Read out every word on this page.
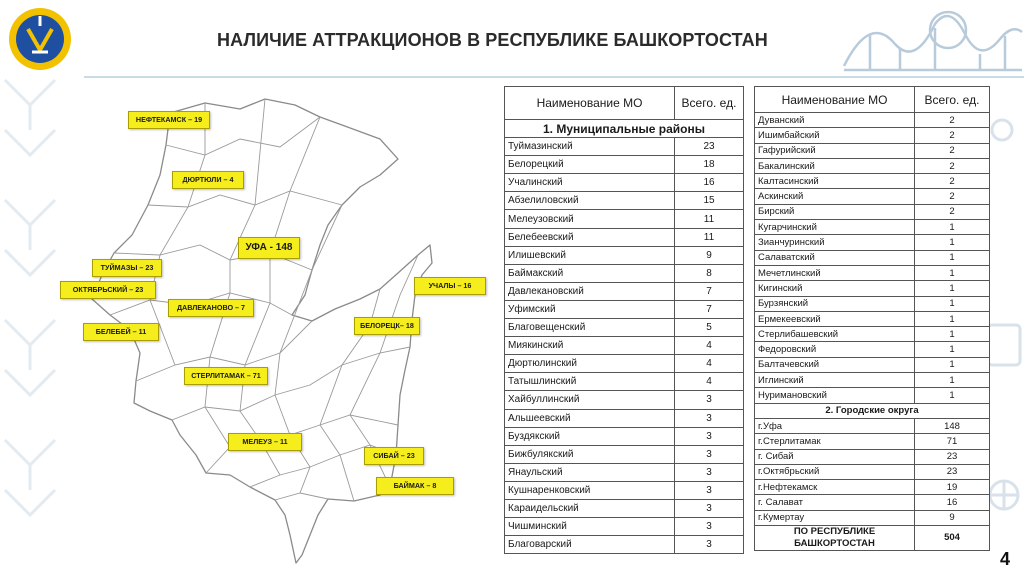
НАЛИЧИЕ АТТРАКЦИОНОВ В РЕСПУБЛИКЕ БАШКОРТОСТАН
НЕФТЕКАМСК – 19
ДЮРТЮЛИ – 4
УФА - 148
ТУЙМАЗЫ – 23
ОКТЯБРЬСКИЙ – 23
ДАВЛЕКАНОВО – 7
БЕЛЕБЕЙ – 11
УЧАЛЫ – 16
БЕЛОРЕЦК– 18
СТЕРЛИТАМАК – 71
МЕЛЕУЗ – 11
СИБАЙ – 23
БАЙМАК – 8
Наименование МО	Всего. ед.
1. Муниципальные районы	
Туймазинский	23
Белорецкий	18
Учалинский	16
Абзелиловский	15
Мелеузовский	11
Белебеевский	11
Илишевский	9
Баймакский	8
Давлекановский	7
Уфимский	7
Благовещенский	5
Миякинский	4
Дюртюлинский	4
Татышлинский	4
Хайбуллинский	3
Альшеевский	3
Буздякский	3
Бижбулякский	3
Янаульский	3
Кушнаренковский	3
Караидельский	3
Чишминский	3
Благоварский	3
Наименование МО	Всего. ед.
Дуванский	2
Ишимбайский	2
Гафурийский	2
Бакалинский	2
Калтасинский	2
Аскинский	2
Бирский	2
Кугарчинский	1
Зианчуринский	1
Салаватский	1
Мечетлинский	1
Кигинский	1
Бурзянский	1
Ермекеевский	1
Стерлибашевский	1
Федоровский	1
Балтачевский	1
Иглинский	1
Нуримановский	1
2. Городские округа	
г.Уфа	148
г.Стерлитамак	71
г. Сибай	23
г.Октябрьский	23
г.Нефтекамск	19
г. Салават	16
г.Кумертау	9
ПО РЕСПУБЛИКЕ БАШКОРТОСТАН	504
4
